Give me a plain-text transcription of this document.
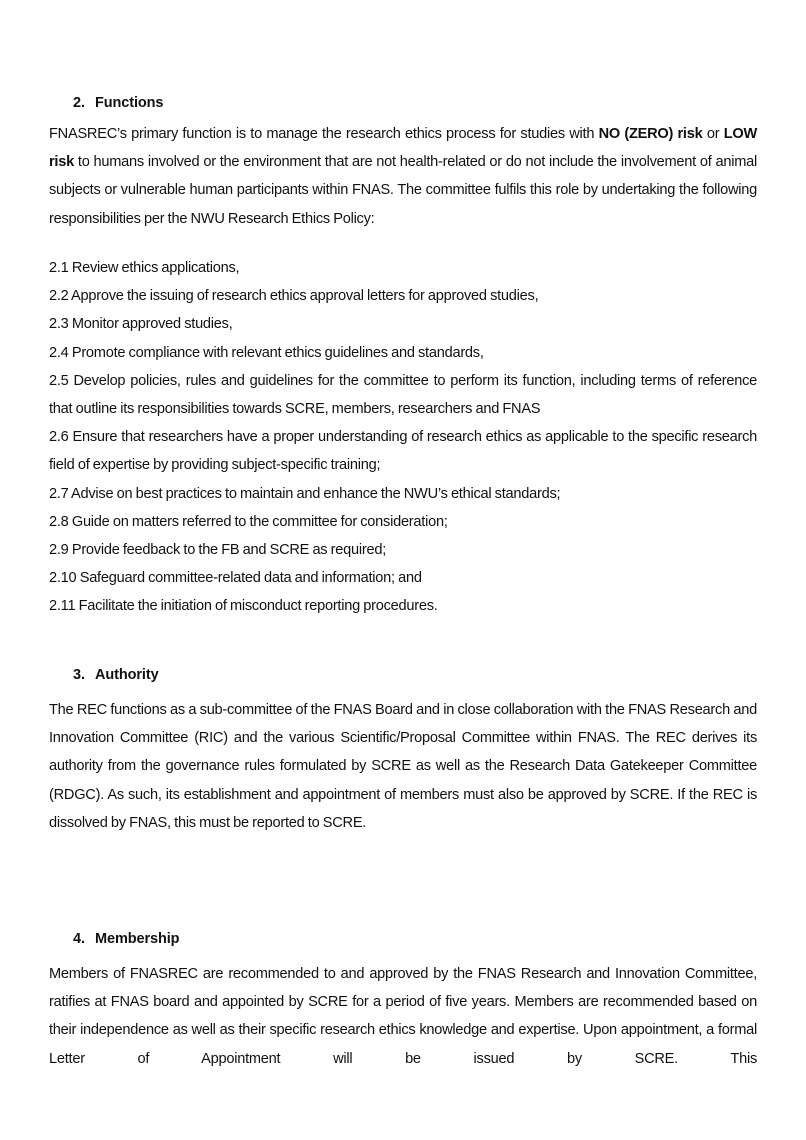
2. Functions

FNASREC’s primary function is to manage the research ethics process for studies with NO (ZERO) risk or LOW risk to humans involved or the environment that are not health-related or do not include the involvement of animal subjects or vulnerable human participants within FNAS. The committee fulfils this role by undertaking the following responsibilities per the NWU Research Ethics Policy:

2.1 Review ethics applications,
2.2 Approve the issuing of research ethics approval letters for approved studies,
2.3 Monitor approved studies,
2.4 Promote compliance with relevant ethics guidelines and standards,
2.5 Develop policies, rules and guidelines for the committee to perform its function, including terms of reference that outline its responsibilities towards SCRE, members, researchers and FNAS
2.6 Ensure that researchers have a proper understanding of research ethics as applicable to the specific research field of expertise by providing subject-specific training;
2.7 Advise on best practices to maintain and enhance the NWU’s ethical standards;
2.8 Guide on matters referred to the committee for consideration;
2.9 Provide feedback to the FB and SCRE as required;
2.10 Safeguard committee-related data and information; and
2.11 Facilitate the initiation of misconduct reporting procedures.
3. Authority

The REC functions as a sub-committee of the FNAS Board and in close collaboration with the FNAS Research and Innovation Committee (RIC) and the various Scientific/Proposal Committee within FNAS. The REC derives its authority from the governance rules formulated by SCRE as well as the Research Data Gatekeeper Committee (RDGC). As such, its establishment and appointment of members must also be approved by SCRE. If the REC is dissolved by FNAS, this must be reported to SCRE.

4. Membership

Members of FNASREC are recommended to and approved by the FNAS Research and Innovation Committee, ratifies at FNAS board and appointed by SCRE for a period of five years. Members are recommended based on their independence as well as their specific research ethics knowledge and expertise. Upon appointment, a formal Letter of Appointment will be issued by SCRE. This
